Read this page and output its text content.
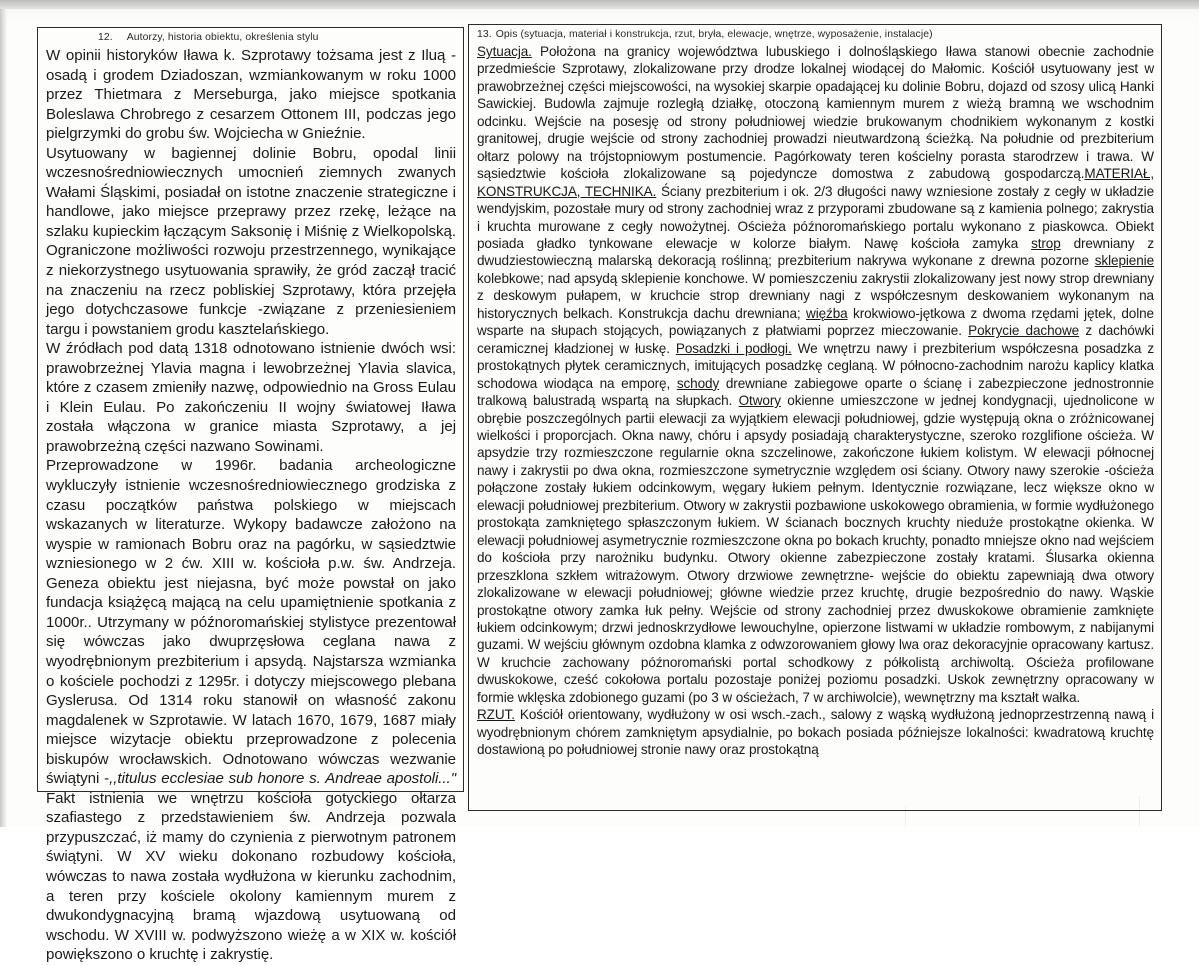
12. Autorzy, historia obiektu, określenia stylu

W opinii historyków Iława k. Szprotawy tożsama jest z Iluą - osadą i grodem Dziadoszan, wzmiankowanym w roku 1000 przez Thietmara z Merseburga, jako miejsce spotkania Boleslawa Chrobrego z cesarzem Ottonem III, podczas jego pielgrzymki do grobu św. Wojciecha w Gnieźnie.

Usytuowany w bagiennej dolinie Bobru, opodal linii wczesnośredniowiecznych umocnień ziemnych zwanych Wałami Śląskimi, posiadał on istotne znaczenie strategiczne i handlowe, jako miejsce przeprawy przez rzekę, leżące na szlaku kupieckim łączącym Saksonię i Miśnię z Wielkopolską. Ograniczone możliwości rozwoju przestrzennego, wynikające z niekorzystnego usytuowania sprawiły, że gród zaczął tracić na znaczeniu na rzecz pobliskiej Szprotawy, która przejęła jego dotychczasowe funkcje -związane z przeniesieniem targu i powstaniem grodu kasztelańskiego.

W źródłach pod datą 1318 odnotowano istnienie dwóch wsi: prawobrzeżnej Ylavia magna i lewobrzeżnej Ylavia slavica, które z czasem zmieniły nazwę, odpowiednio na Gross Eulau i Klein Eulau. Po zakończeniu II wojny światowej Iława została włączona w granice miasta Szprotawy, a jej prawobrzeżną części nazwano Sowinami.

Przeprowadzone w 1996r. badania archeologiczne wykluczyły istnienie wczesnośredniowiecznego grodziska z czasu początków państwa polskiego w miejscach wskazanych w literaturze. Wykopy badawcze założono na wyspie w ramionach Bobru oraz na pagórku, w sąsiedztwie wzniesionego w 2 ćw. XIII w. kościoła p.w. św. Andrzeja. Geneza obiektu jest niejasna, być może powstał on jako fundacja książęcą mającą na celu upamiętnienie spotkania z 1000r.. Utrzymany w późnoromańskiej stylistyce prezentował się wówczas jako dwuprzęsłowa ceglana nawa z wyodrębnionym prezbiterium i apsydą. Najstarsza wzmianka o kościele pochodzi z 1295r. i dotyczy miejscowego plebana Gyslerusa. Od 1314 roku stanowił on własność zakonu magdalenek w Szprotawie. W latach 1670, 1679, 1687 miały miejsce wizytacje obiektu przeprowadzone z polecenia biskupów wrocławskich. Odnotowano wówczas wezwanie świątyni -,,titulus ecclesiae sub honore s. Andreae apostoli..." Fakt istnienia we wnętrzu kościoła gotyckiego ołtarza szafiastego z przedstawieniem św. Andrzeja pozwala przypuszczać, iż mamy do czynienia z pierwotnym patronem świątyni. W XV wieku dokonano rozbudowy kościoła, wówczas to nawa została wydłużona w kierunku zachodnim, a teren przy kościele okolony kamiennym murem z dwukondygnacyjną bramą wjazdową usytuowaną od wschodu. W XVIII w. podwyższono wieżę a w XIX w. kościół powiększono o kruchtę i zakrystię.

13. Opis (sytuacja, materiał i konstrukcja, rzut, bryła, elewacje, wnętrze, wyposażenie, instalacje)

Sytuacja. Położona na granicy województwa lubuskiego i dolnośląskiego Iława stanowi obecnie zachodnie przedmieście Szprotawy, zlokalizowane przy drodze lokalnej wiodącej do Małomic. Kościół usytuowany jest w prawobrzeżnej części miejscowości, na wysokiej skarpie opadającej ku dolinie Bobru, dojazd od szosy ulicą Hanki Sawickiej. Budowla zajmuje rozległą działkę, otoczoną kamiennym murem z wieżą bramną we wschodnim odcinku. Wejście na posesję od strony południowej wiedzie brukowanym chodnikiem wykonanym z kostki granitowej, drugie wejście od strony zachodniej prowadzi nieutwardzoną ścieżką. Na południe od prezbiterium ołtarz polowy na trójstopniowym postumencie. Pagórkowaty teren kościelny porasta starodrzew i trawa. W sąsiedztwie kościoła zlokalizowane są pojedyncze domostwa z zabudową gospodarczą.MATERIAŁ, KONSTRUKCJA, TECHNIKA. Ściany prezbiterium i ok. 2/3 długości nawy wzniesione zostały z cegły w układzie wendyjskim, pozostałe mury od strony zachodniej wraz z przyporami zbudowane są z kamienia polnego; zakrystia i kruchta murowane z cegły nowożytnej. Ościeża późnoromańskiego portalu wykonano z piaskowca. Obiekt posiada gładko tynkowane elewacje w kolorze białym. Nawę kościoła zamyka strop drewniany z dwudziestowieczną malarską dekoracją roślinną; prezbiterium nakrywa wykonane z drewna pozorne sklepienie kolebkowe; nad apsydą sklepienie konchowe. W pomieszczeniu zakrystii zlokalizowany jest nowy strop drewniany z deskowym pułapem, w kruchcie strop drewniany nagi z współczesnym deskowaniem wykonanym na historycznych belkach. Konstrukcja dachu drewniana; więźba krokwiowo-jętkowa z dwoma rzędami jętek, dolne wsparte na słupach stojących, powiązanych z płatwiami poprzez mieczowanie. Pokrycie dachowe z dachówki ceramicznej kładzionej w łuskę. Posadzki i podłogi. We wnętrzu nawy i prezbiterium współczesna posadzka z prostokątnych płytek ceramicznych, imitujących posadzkę ceglaną. W północno-zachodnim narożu kaplicy klatka schodowa wiodąca na emporę, schody drewniane zabiegowe oparte o ścianę i zabezpieczone jednostronnie tralkową balustradą wspartą na słupkach. Otwory okienne umieszczone w jednej kondygnacji, ujednolicone w obrębie poszczególnych partii elewacji za wyjątkiem elewacji południowej, gdzie występują okna o zróżnicowanej wielkości i proporcjach. Okna nawy, chóru i apsydy posiadają charakterystyczne, szeroko rozglifione ościeża. W apsydzie trzy rozmieszczone regularnie okna szczelinowe, zakończone łukiem kolistym. W elewacji północnej nawy i zakrystii po dwa okna, rozmieszczone symetrycznie względem osi ściany. Otwory nawy szerokie -ościeża połączone zostały łukiem odcinkowym, węgary łukiem pełnym. Identycznie rozwiązane, lecz większe okno w elewacji południowej prezbiterium. Otwory w zakrystii pozbawione uskokowego obramienia, w formie wydłużonego prostokąta zamkniętego spłaszczonym łukiem. W ścianach bocznych kruchty nieduże prostokątne okienka. W elewacji południowej asymetrycznie rozmieszczone okna po bokach kruchty, ponadto mniejsze okno nad wejściem do kościoła przy narożniku budynku. Otwory okienne zabezpieczone zostały kratami. Ślusarka okienna przeszklona szkłem witrażowym. Otwory drzwiowe zewnętrzne- wejście do obiektu zapewniają dwa otwory zlokalizowane w elewacji południowej; główne wiedzie przez kruchtę, drugie bezpośrednio do nawy. Wąskie prostokątne otwory zamka łuk pełny. Wejście od strony zachodniej przez dwuskokowe obramienie zamknięte łukiem odcinkowym; drzwi jednoskrzydłowe lewouchylne, opierzone listwami w układzie rombowym, z nabijanymi guzami. W wejściu głównym ozdobna klamka z odwzorowaniem głowy lwa oraz dekoracyjnie opracowany kartusz. W kruchcie zachowany późnoromański portal schodkowy z półkolistą archiwoltą. Ościeża profilowane dwuskokowe, cześć cokołowa portalu pozostaje poniżej poziomu posadzki. Uskok zewnętrzny opracowany w formie wklęska zdobionego guzami (po 3 w ościeżach, 7 w archiwolcie), wewnętrzny ma kształt wałka.

RZUT. Kościół orientowany, wydłużony w osi wsch.-zach., salowy z wąską wydłużoną jednoprzestrzenną nawą i wyodrębnionym chórem zamkniętym apsydialnie, po bokach posiada późniejsze lokalności: kwadratową kruchtę dostawioną po południowej stronie nawy oraz prostokątną
